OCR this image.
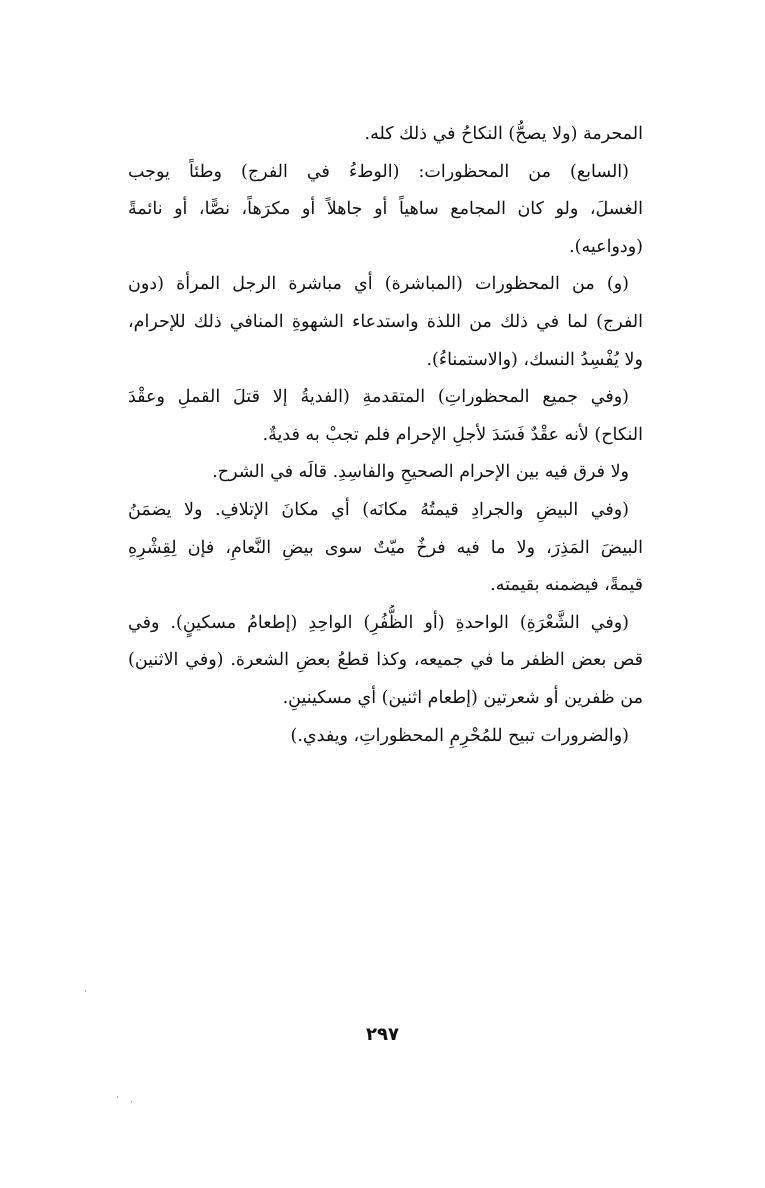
المحرمة (ولا يصحُّ) النكاحُ في ذلك كله.
(السابع) من المحظورات: (الوطءُ في الفرج) وطئاً يوجب
الغسلَ، ولو كان المجامع ساهياً أو جاهلاً أو مكرَهاً، نصًّا، أو نائمةً
(ودواعيه).
(و) من المحظورات (المباشرة) أي مباشرة الرجل المرأة (دون
الفرج) لما في ذلك من اللذة واستدعاء الشهوةِ المنافي ذلك للإحرام،
ولا يُفْسِدُ النسك، (والاستمناءُ).
(وفي جميع المحظوراتِ) المتقدمةِ (الفديةُ إلا قتلَ القملِ وعقْدَ
النكاح) لأنه عقْدٌ فَسَدَ لأجلِ الإحرام فلم تجبْ به فديةٌ.
ولا فرق فيه بين الإحرام الصحيحِ والفاسِدِ. قالَه في الشرح.
(وفي البيضِ والجرادِ قيمتُهُ مكانَه) أي مكانَ الإتلافِ. ولا يضمَنُ
البيضَ المَذِرَ، ولا ما فيه فرخٌ ميّتٌ سوى بيضِ النَّعامِ، فإن لِقِشْرِهِ
قيمةً، فيضمنه بقيمته.
(وفي الشَّعْرَةِ) الواحدةِ (أو الظُّفُرِ) الواحِدِ (إطعامُ مسكينٍ). وفي
قص بعض الظفر ما في جميعه، وكذا قطعُ بعضِ الشعرة. (وفي الاثنين)
من ظفرين أو شعرتين (إطعام اثنين) أي مسكينينِ.
(والضرورات تبيح للمُحْرِمِ المحظوراتِ، ويفدي.)
٢٩٧
